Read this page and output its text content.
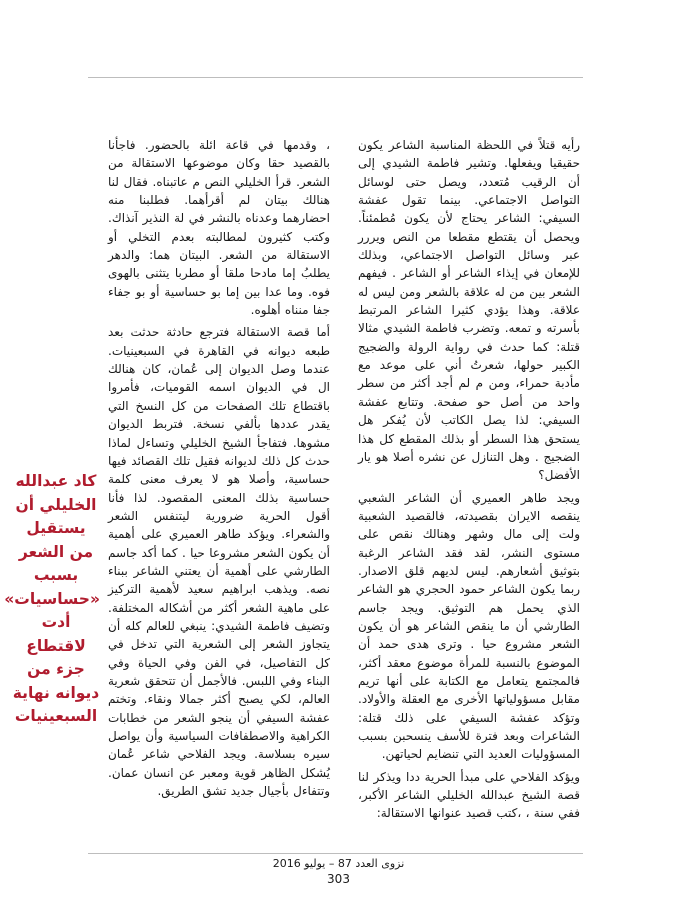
رأيه قتلاً في اللحظة المناسبة الشاعر يكون حقيقيا ويفعلها. وتشير فاطمة الشيدي إلى أن الرقيب مُتعدد، ويصل حتى لوسائل التواصل الاجتماعي. بينما تقول عفشة السيفي: الشاعر يحتاج لأن يكون مُطمئناً. ويحصل أن يقتطع مقطعا من النص ويررر عبر وسائل التواصل الاجتماعي، وبذلك للإمعان في إيذاء الشاعر أو الشاعر . فيفهم الشعر بين من له علاقة بالشعر ومن ليس له علاقة. وهذا يؤدي كثيرا الشاعر المرتبط بأسرته و تمعه. وتضرب فاطمة الشيدي مثالا قتلة: كما حدث في رواية الرولة والضجيج الكبير حولها، شعرتُ أني على موعد مع مأدبة حمراء، ومن م لم أجد أكثر من سطر واحد من أصل حو صفحة. وتتابع عفشة السيفي: لذا يصل الكاتب لأن يُفكر هل يستحق هذا السطر أو بذلك المقطع كل هذا الضجيج . وهل التنازل عن نشره أصلا هو يار الأفضل؟

ويجد طاهر العميري أن الشاعر الشعبي ينقصه الايران بقصيدته، فالقصيد الشعبية ولت إلى مال وشهر وهنالك نقص على مستوى النشر، لقد فقد الشاعر الرغبة بتوثيق أشعارهم. ليس لديهم قلق الاصدار. ربما يكون الشاعر حمود الحجري هو الشاعر الذي يحمل هم التوثيق. ويجد جاسم الطارشي أن ما ينقص الشاعر هو أن يكون الشعر مشروع حيا . وترى هدى حمد أن الموضوع بالنسبة للمرأة موضوع معقد أكثر، فالمجتمع يتعامل مع الكتابة على أنها تريم مقابل مسؤولياتها الأخرى مع العقلة والأولاد. وتؤكد عفشة السيفي على ذلك قتلة: الشاعرات وبعد فترة للأسف ينسحبن بسبب المسؤوليات العديد التي تنضايم لحياتهن.

ويؤكد الفلاحي على مبدأ الحرية ددا ويذكر لنا قصة الشيخ عبدالله الخليلي الشاعر الأكبر، ففي سنة ، ،كتب قصيد عنوانها الاستقالة:

، وقدمها في قاعة ائلة بالحضور. فاجأنا بالقصيد حقا وكان موضوعها الاستقالة من الشعر. قرأ الخليلي النص م عاتبناه. فقال لنا هنالك بيتان لم أقرأهما. فطلبنا منه احضارهما وعدناه بالنشر في لة النذير آنذاك. وكتب كثيرون لمطالبته بعدم التخلي أو الاستقالة من الشعر. البيتان هما: والدهر يطلبُ إما مادحا ملقا أو مطربا يتثنى بالهوى فوه. وما عدا بين إما بو حساسية أو بو جفاء جفا منناه أهلوه.

أما قصة الاستقالة فترجع حادثة حدثت بعد طبعه ديوانه في القاهرة في السبعينيات. عندما وصل الديوان إلى عُمان، كان هنالك ال في الديوان اسمه القوميات، فأمروا باقتطاع تلك الصفحات من كل النسخ التي يقدر عددها بألفي نسخة. فتربط الديوان مشوها. فتفاجأ الشيخ الخليلي وتساءل لماذا حدث كل ذلك لديوانه فقيل تلك القصائد فيها حساسية، وأصلا هو لا يعرف معنى كلمة حساسية بذلك المعنى المقصود. لذا فأنا أقول الحرية ضرورية ليتنفس الشعر والشعراء. ويؤكد طاهر العميري على أهمية أن يكون الشعر مشروعا حيا . كما أكد جاسم الطارشي على أهمية أن يعتني الشاعر ببناء نصه. ويذهب ابراهيم سعيد لأهمية التركيز على ماهية الشعر أكثر من أشكاله المختلفة. وتضيف فاطمة الشيدي: ينبغي للعالم كله أن يتجاوز الشعر إلى الشعرية التي تدخل في كل التفاصيل، في الفن وفي الحياة وفي البناء وفي اللبس. فالأجمل أن تتحقق شعرية العالم، لكي يصبح أكثر جمالا ونقاء. وتختم عفشة السيفي أن ينجو الشعر من خطابات الكراهية والاصطفافات السياسية وأن يواصل سيره بسلاسة. ويجد الفلاحي شاعر عُمان يُشكل الظاهر قوية ومعبر عن انسان عمان. وتتفاءل بأجيال جديد تشق الطريق.

كاد عبدالله الخليلي أن يستقيل من الشعر بسبب «حساسيات» أدت لاقتطاع جزء من ديوانه نهاية السبعينيات
نزوى العدد 87 – يوليو 2016
303
